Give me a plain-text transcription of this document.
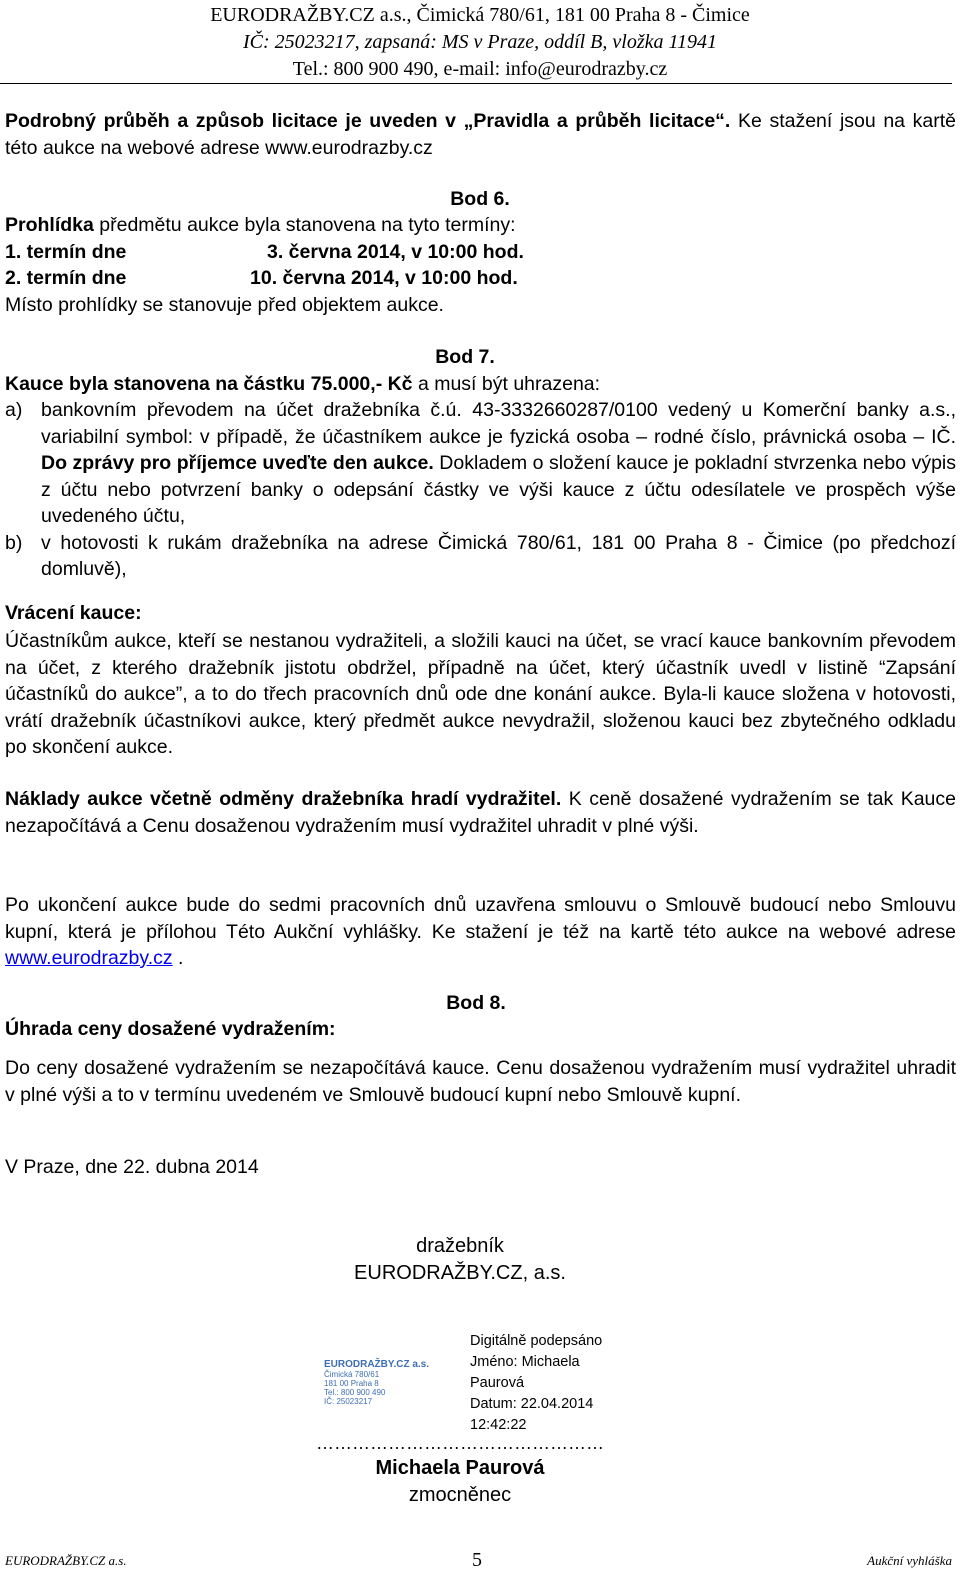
EURODRAŽBY.CZ a.s., Čimická 780/61, 181 00 Praha 8 - Čimice
IČ: 25023217, zapsaná: MS v Praze, oddíl B, vložka 11941
Tel.: 800 900 490, e-mail: info@eurodrazby.cz
Podrobný průběh a způsob licitace je uveden v „Pravidla a průběh licitace“. Ke stažení jsou na kartě této aukce na webové adrese www.eurodrazby.cz
Bod 6.
Prohlídka předmětu aukce byla stanovena na tyto termíny:
1. termín dne	3. června 2014, v 10:00 hod.
2. termín dne	10. června 2014, v 10:00 hod.
Místo prohlídky se stanovuje před objektem aukce.
Bod 7.
Kauce byla stanovena na částku 75.000,- Kč a musí být uhrazena:
a) bankovním převodem na účet dražebníka č.ú. 43-3332660287/0100 vedený u Komerční banky a.s., variabilní symbol: v případě, že účastníkem aukce je fyzická osoba – rodné číslo, právnická osoba – IČ. Do zprávy pro příjemce uveďte den aukce. Dokladem o složení kauce je pokladní stvrzenka nebo výpis z účtu nebo potvrzení banky o odepsání částky ve výši kauce z účtu odesílatele ve prospěch výše uvedeného účtu,
b) v hotovosti k rukám dražebníka na adrese Čimická 780/61, 181 00 Praha 8 - Čimice (po předchozí domluvě),
Vrácení kauce:
Účastníkům aukce, kteří se nestanou vydražiteli, a složili kauci na účet, se vrací kauce bankovním převodem na účet, z kterého dražebník jistotu obdržel, případně na účet, který účastník uvedl v listině “Zapsání účastníků do aukce”, a to do třech pracovních dnů ode dne konání aukce. Byla-li kauce složena v hotovosti, vrátí dražebník účastníkovi aukce, který předmět aukce nevydražil, složenou kauci bez zbytečného odkladu po skončení aukce.
Náklady aukce včetně odměny dražebníka hradí vydražitel. K ceně dosažené vydražením se tak Kauce nezapočítává a Cenu dosaženou vydražením musí vydražitel uhradit v plné výši.
Po ukončení aukce bude do sedmi pracovních dnů uzavřena smlouvu o Smlouvě budoucí nebo Smlouvu kupní, která je přílohou Této Aukční vyhlášky. Ke stažení je též na kartě této aukce na webové adrese www.eurodrazby.cz .
Bod 8.
Úhrada ceny dosažené vydražením:
Do ceny dosažené vydražením se nezapočítává kauce. Cenu dosaženou vydražením musí vydražitel uhradit v plné výši a to v termínu uvedeném ve Smlouvě budoucí kupní nebo Smlouvě kupní.
V Praze, dne 22. dubna 2014
dražebník
EURODRAŽBY.CZ, a.s.
EURODRAŽBY.CZ a.s.
Čimická 780/61
181 00 Praha 8
Tel.: 800 900 490
IČ: 25023217
Digitálně podepsáno
Jméno: Michaela
Paurová
Datum: 22.04.2014
12:42:22
…………………………………………
Michaela Paurová
zmocněnec
EURODRAŽBY.CZ a.s.	5	Aukční vyhláška
